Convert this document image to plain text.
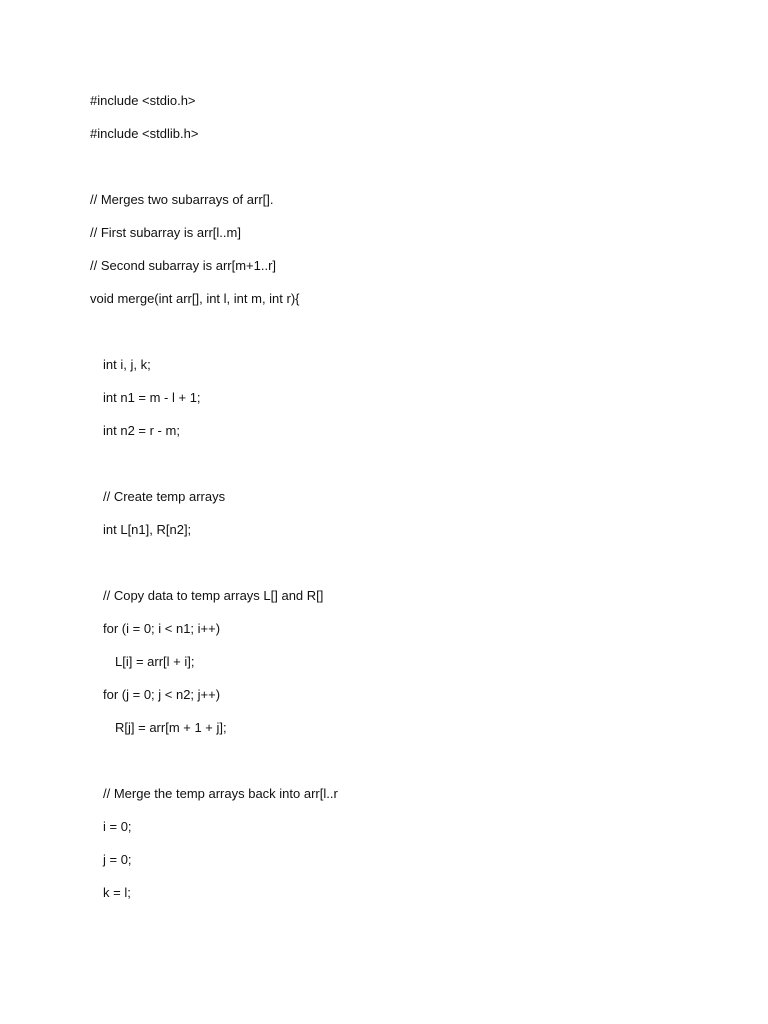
#include <stdio.h>
#include <stdlib.h>
// Merges two subarrays of arr[].
// First subarray is arr[l..m]
// Second subarray is arr[m+1..r]
void merge(int arr[], int l, int m, int r){
int i, j, k;
int n1 = m - l + 1;
int n2 = r - m;
// Create temp arrays
int L[n1], R[n2];
// Copy data to temp arrays L[] and R[]
for (i = 0; i < n1; i++)
L[i] = arr[l + i];
for (j = 0; j < n2; j++)
R[j] = arr[m + 1 + j];
// Merge the temp arrays back into arr[l..r
i = 0;
j = 0;
k = l;
